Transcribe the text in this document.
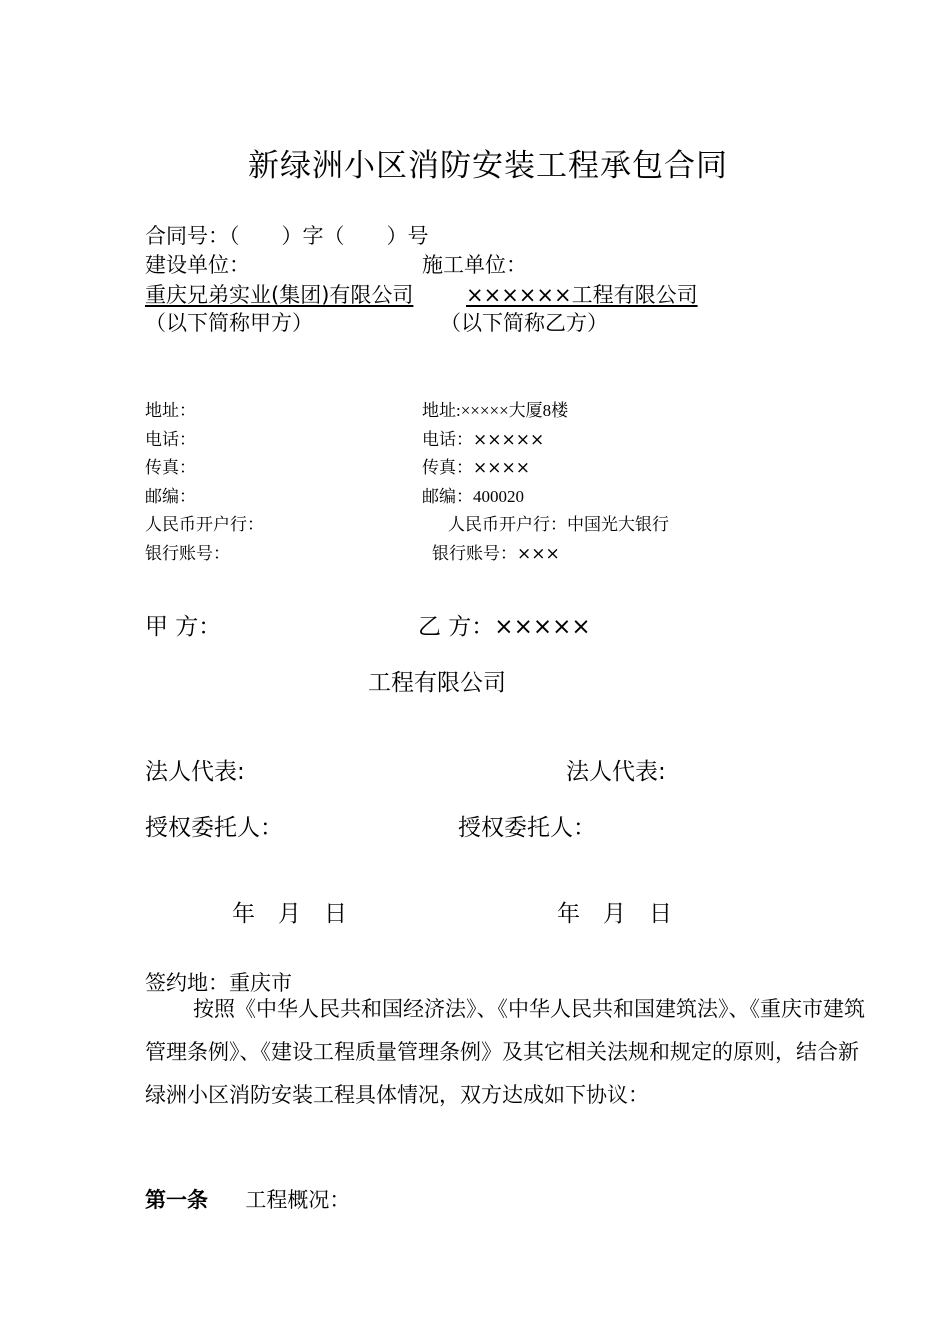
新绿洲小区消防安装工程承包合同
合同号：（　　）字（　　）号
建设单位：	施工单位：
重庆兄弟实业(集团)有限公司	××××××工程有限公司
（以下简称甲方）	（以下简称乙方）
地址：	地址:×××××大厦8楼
电话：	电话：×××××
传真：	传真：××××
邮编：	邮编：400020
人民币开户行：	人民币开户行：中国光大银行
银行账号：	银行账号：×××
甲 方：	乙 方：×××××
工程有限公司
法人代表:	法人代表:
授权委托人：	授权委托人：
年　月　日	年　月　日
签约地：重庆市
按照《中华人民共和国经济法》、《中华人民共和国建筑法》、《重庆市建筑管理条例》、《建设工程质量管理条例》及其它相关法规和规定的原则，结合新绿洲小区消防安装工程具体情况，双方达成如下协议：
第一条 工程概况：
